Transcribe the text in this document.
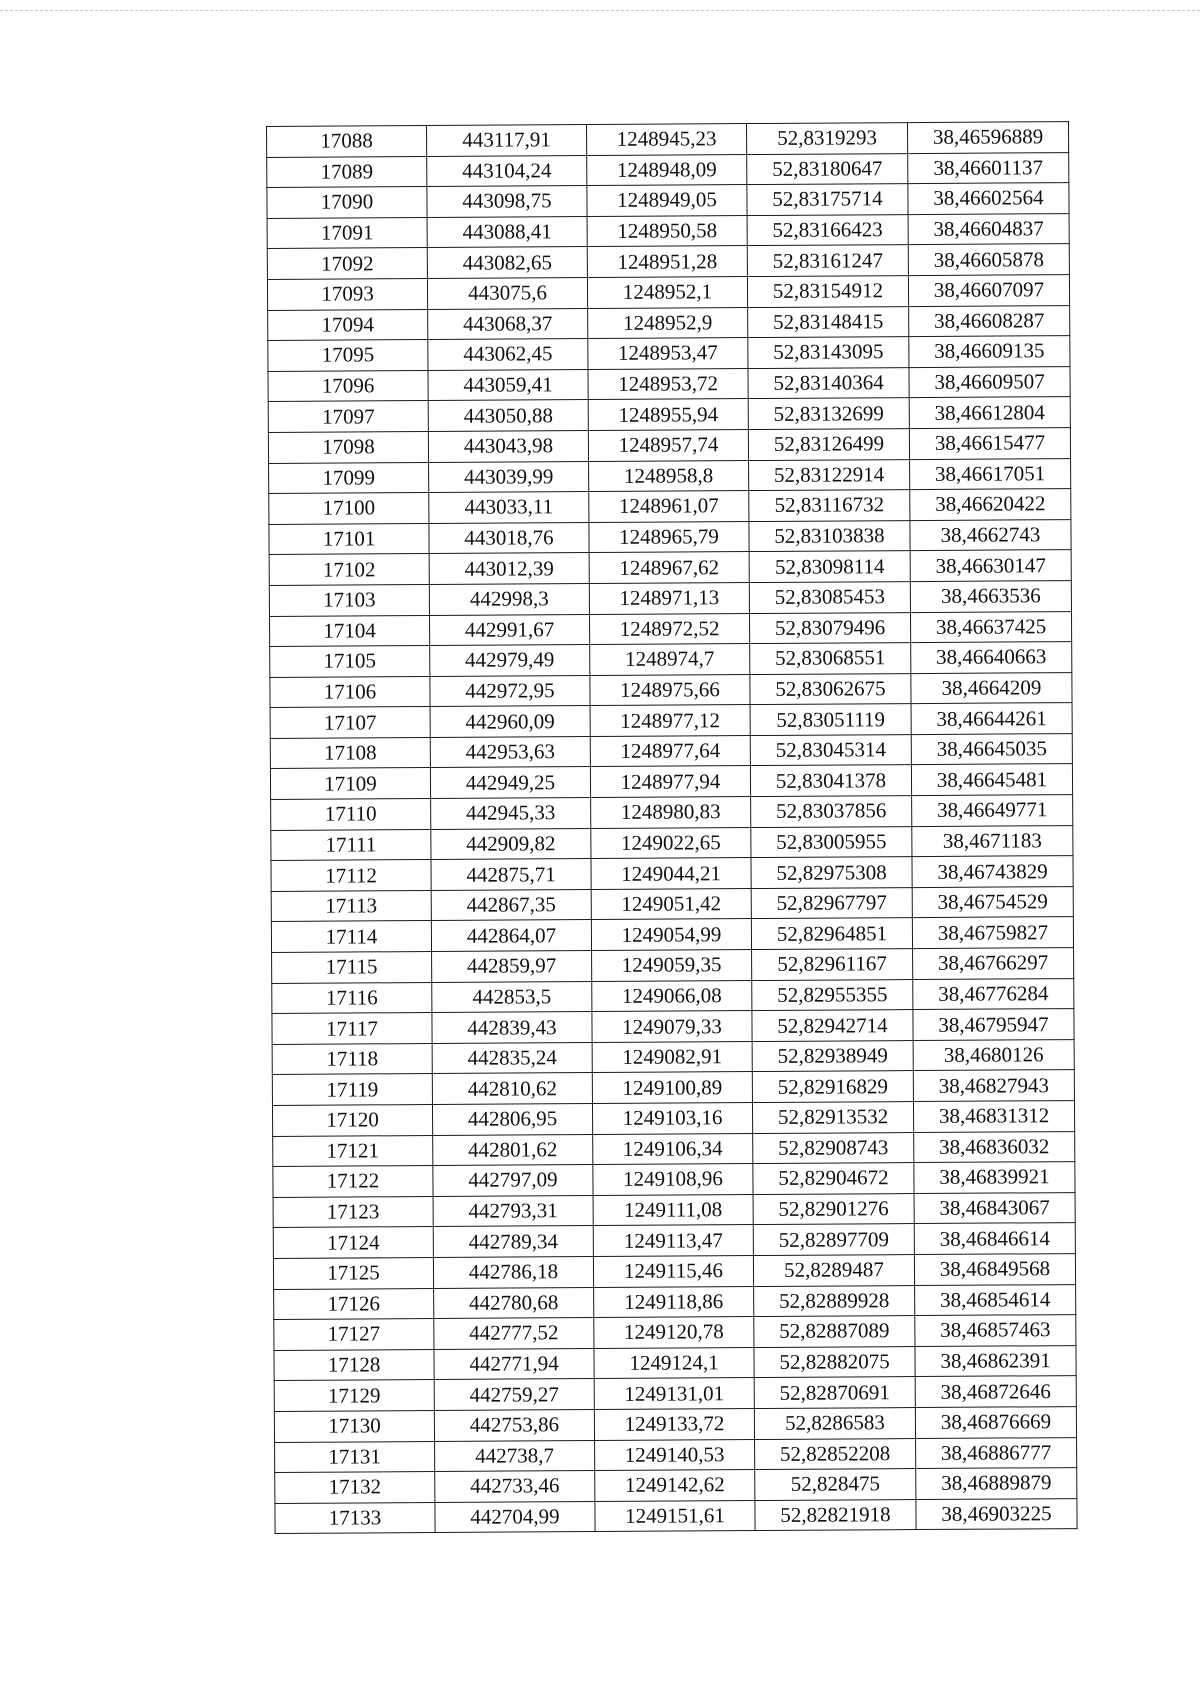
17088	443117,91	1248945,23	52,8319293	38,46596889
17089	443104,24	1248948,09	52,83180647	38,46601137
17090	443098,75	1248949,05	52,83175714	38,46602564
17091	443088,41	1248950,58	52,83166423	38,46604837
17092	443082,65	1248951,28	52,83161247	38,46605878
17093	443075,6	1248952,1	52,83154912	38,46607097
17094	443068,37	1248952,9	52,83148415	38,46608287
17095	443062,45	1248953,47	52,83143095	38,46609135
17096	443059,41	1248953,72	52,83140364	38,46609507
17097	443050,88	1248955,94	52,83132699	38,46612804
17098	443043,98	1248957,74	52,83126499	38,46615477
17099	443039,99	1248958,8	52,83122914	38,46617051
17100	443033,11	1248961,07	52,83116732	38,46620422
17101	443018,76	1248965,79	52,83103838	38,4662743
17102	443012,39	1248967,62	52,83098114	38,46630147
17103	442998,3	1248971,13	52,83085453	38,4663536
17104	442991,67	1248972,52	52,83079496	38,46637425
17105	442979,49	1248974,7	52,83068551	38,46640663
17106	442972,95	1248975,66	52,83062675	38,4664209
17107	442960,09	1248977,12	52,83051119	38,46644261
17108	442953,63	1248977,64	52,83045314	38,46645035
17109	442949,25	1248977,94	52,83041378	38,46645481
17110	442945,33	1248980,83	52,83037856	38,46649771
17111	442909,82	1249022,65	52,83005955	38,4671183
17112	442875,71	1249044,21	52,82975308	38,46743829
17113	442867,35	1249051,42	52,82967797	38,46754529
17114	442864,07	1249054,99	52,82964851	38,46759827
17115	442859,97	1249059,35	52,82961167	38,46766297
17116	442853,5	1249066,08	52,82955355	38,46776284
17117	442839,43	1249079,33	52,82942714	38,46795947
17118	442835,24	1249082,91	52,82938949	38,4680126
17119	442810,62	1249100,89	52,82916829	38,46827943
17120	442806,95	1249103,16	52,82913532	38,46831312
17121	442801,62	1249106,34	52,82908743	38,46836032
17122	442797,09	1249108,96	52,82904672	38,46839921
17123	442793,31	1249111,08	52,82901276	38,46843067
17124	442789,34	1249113,47	52,82897709	38,46846614
17125	442786,18	1249115,46	52,8289487	38,46849568
17126	442780,68	1249118,86	52,82889928	38,46854614
17127	442777,52	1249120,78	52,82887089	38,46857463
17128	442771,94	1249124,1	52,82882075	38,46862391
17129	442759,27	1249131,01	52,82870691	38,46872646
17130	442753,86	1249133,72	52,8286583	38,46876669
17131	442738,7	1249140,53	52,82852208	38,46886777
17132	442733,46	1249142,62	52,828475	38,46889879
17133	442704,99	1249151,61	52,82821918	38,46903225
